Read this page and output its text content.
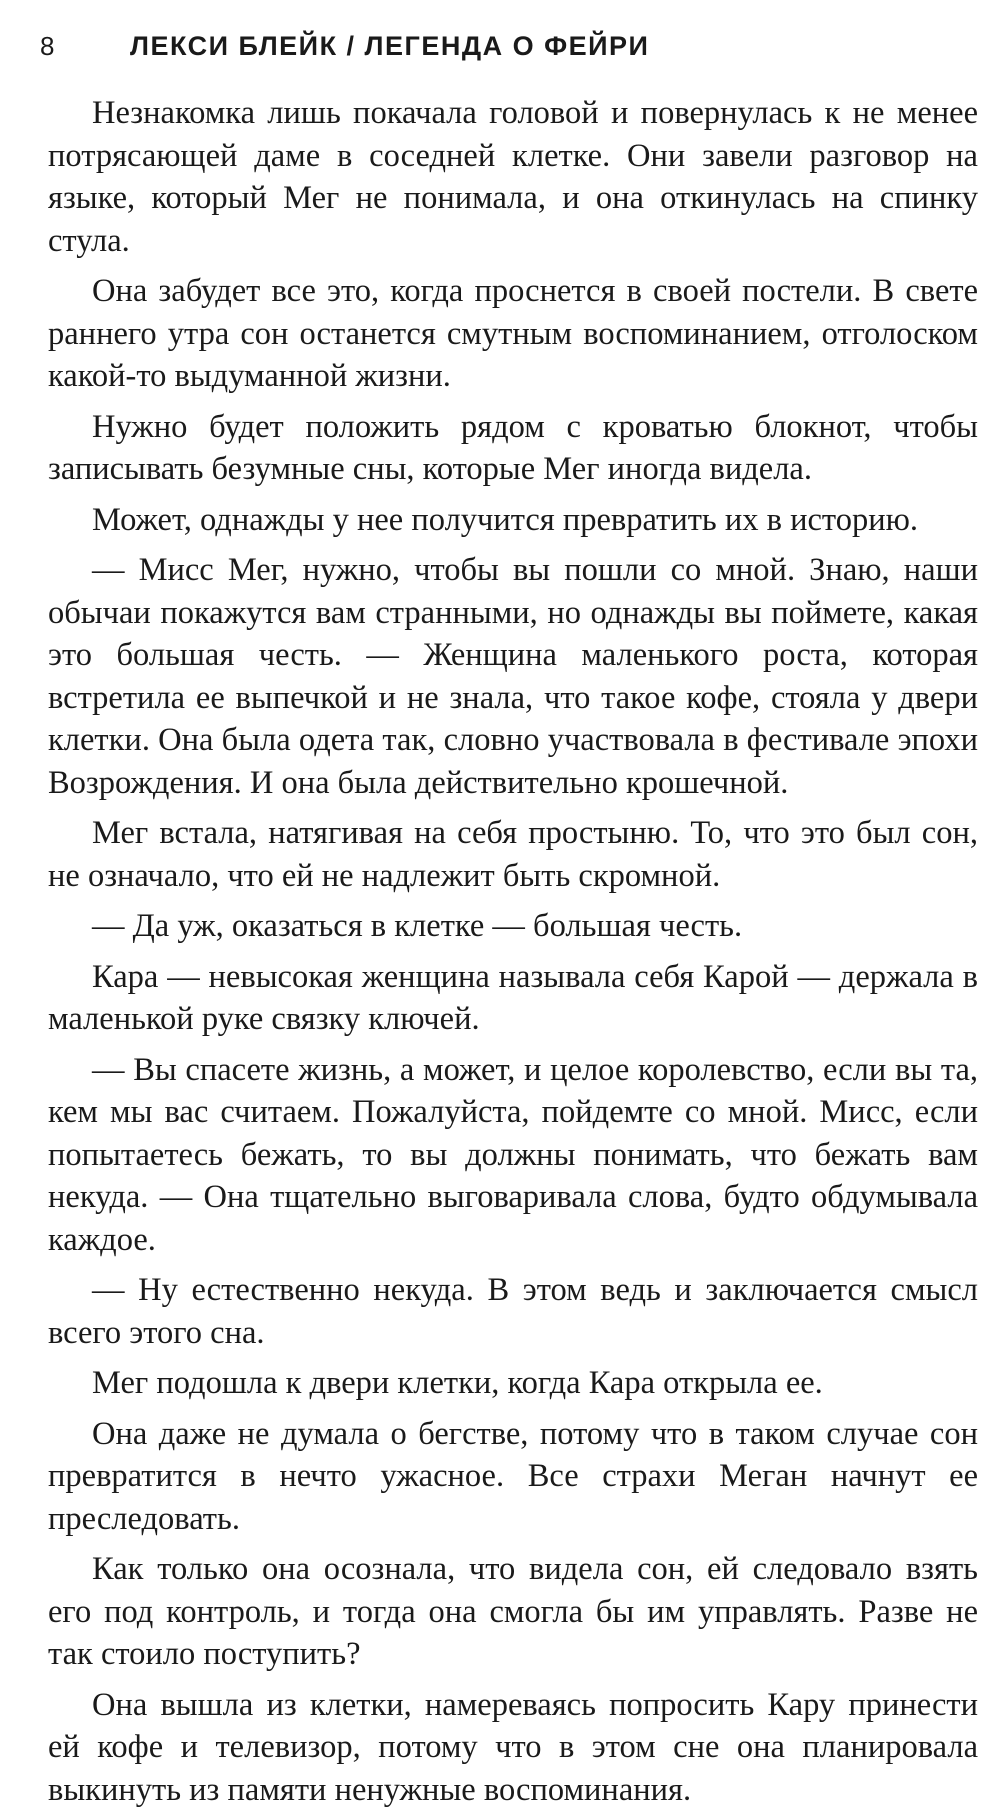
8	ЛЕКСИ БЛЕЙК / ЛЕГЕНДА О ФЕЙРИ

Незнакомка лишь покачала головой и повернулась к не менее потрясающей даме в соседней клетке. Они завели разговор на языке, который Мег не понимала, и она откинулась на спинку стула.

Она забудет все это, когда проснется в своей постели. В свете раннего утра сон останется смутным воспоминанием, отголоском какой-то выдуманной жизни.

Нужно будет положить рядом с кроватью блокнот, чтобы записывать безумные сны, которые Мег иногда видела.

Может, однажды у нее получится превратить их в историю.

— Мисс Мег, нужно, чтобы вы пошли со мной. Знаю, наши обычаи покажутся вам странными, но однажды вы поймете, какая это большая честь. — Женщина маленького роста, которая встретила ее выпечкой и не знала, что такое кофе, стояла у двери клетки. Она была одета так, словно участвовала в фестивале эпохи Возрождения. И она была действительно крошечной.

Мег встала, натягивая на себя простыню. То, что это был сон, не означало, что ей не надлежит быть скромной.

— Да уж, оказаться в клетке — большая честь.

Кара — невысокая женщина называла себя Карой — держала в маленькой руке связку ключей.

— Вы спасете жизнь, а может, и целое королевство, если вы та, кем мы вас считаем. Пожалуйста, пойдемте со мной. Мисс, если попытаетесь бежать, то вы должны понимать, что бежать вам некуда. — Она тщательно выговаривала слова, будто обдумывала каждое.

— Ну естественно некуда. В этом ведь и заключается смысл всего этого сна.

Мег подошла к двери клетки, когда Кара открыла ее.

Она даже не думала о бегстве, потому что в таком случае сон превратится в нечто ужасное. Все страхи Меган начнут ее преследовать.

Как только она осознала, что видела сон, ей следовало взять его под контроль, и тогда она смогла бы им управлять. Разве не так стоило поступить?

Она вышла из клетки, намереваясь попросить Кару принести ей кофе и телевизор, потому что в этом сне она планировала выкинуть из памяти ненужные воспоминания.
